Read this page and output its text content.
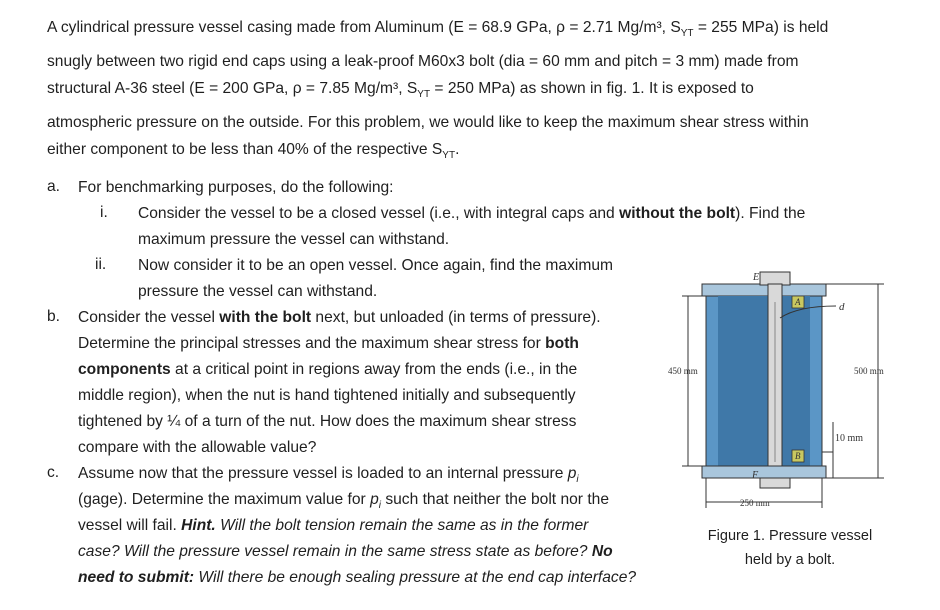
A cylindrical pressure vessel casing made from Aluminum (E = 68.9 GPa, ρ = 2.71 Mg/m³, $S_{YT} = 255$ MPa) is held
snugly between two rigid end caps using a leak-proof M60x3 bolt (dia = 60 mm and pitch = 3 mm) made from
structural A-36 steel (E = 200 GPa, ρ = 7.85 Mg/m³, $S_{YT} = 250$ MPa) as shown in fig. 1. It is exposed to
atmospheric pressure on the outside. For this problem, we would like to keep the maximum shear stress within
either component to be less than 40% of the respective $S_{YT}$.
a. For benchmarking purposes, do the following:
i. Consider the vessel to be a closed vessel (i.e., with integral caps and without the bolt). Find the
maximum pressure the vessel can withstand.
ii. Now consider it to be an open vessel. Once again, find the maximum
pressure the vessel can withstand.
b. Consider the vessel with the bolt next, but unloaded (in terms of pressure).
Determine the principal stresses and the maximum shear stress for both
components at a critical point in regions away from the ends (i.e., in the
middle region), when the nut is hand tightened initially and subsequently
tightened by ¼ of a turn of the nut. How does the maximum shear stress
compare with the allowable value?
c. Assume now that the pressure vessel is loaded to an internal pressure $p_i$
(gage). Determine the maximum value for $p_i$ such that neither the bolt nor the
vessel will fail. Hint. Will the bolt tension remain the same as in the former
case? Will the pressure vessel remain in the same stress state as before? No
need to submit: Will there be enough sealing pressure at the end cap interface?
E
A	d
B
F
450 mm	500 mm
10 mm
250 mm
Figure 1. Pressure vessel
held by a bolt.
